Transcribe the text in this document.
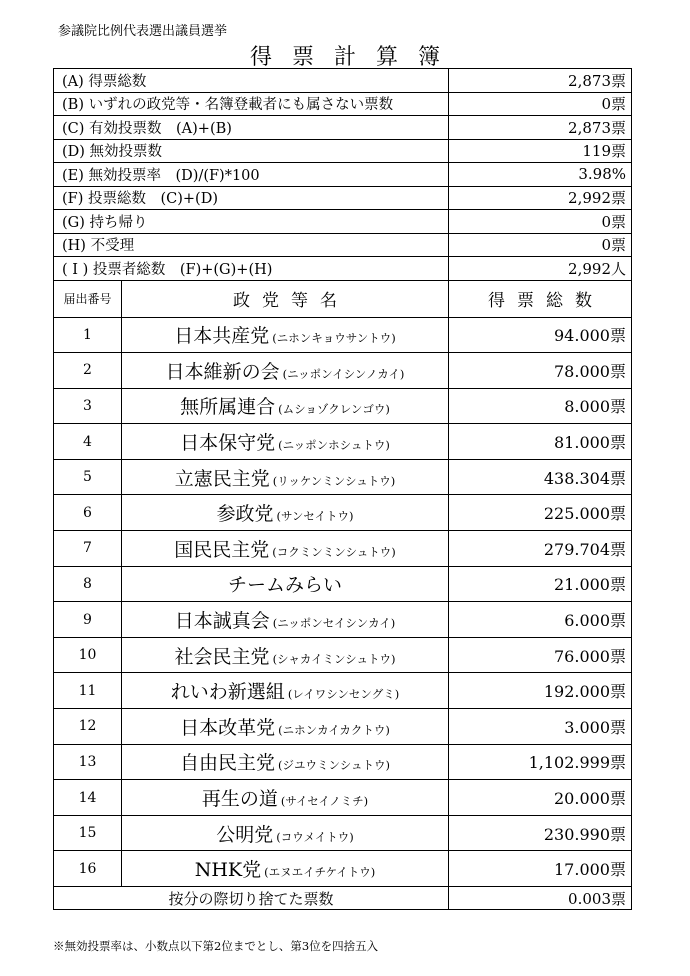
参議院比例代表選出議員選挙
得票計算簿
(A) 得票総数		2,873票
(B) いずれの政党等・名簿登載者にも属さない票数		0票
(C) 有効投票数　(A)+(B)		2,873票
(D) 無効投票数		119票
(E) 無効投票率　(D)/(F)*100		3.98%
(F) 投票総数　(C)+(D)		2,992票
(G) 持ち帰り		0票
(H) 不受理		0票
( I ) 投票者総数　(F)+(G)+(H)		2,992人
届出番号	政党等名	得票総数
1	日本共産党 (ニホンキョウサントウ)	94.000票
2	日本維新の会 (ニッポンイシンノカイ)	78.000票
3	無所属連合 (ムショゾクレンゴウ)	8.000票
4	日本保守党 (ニッポンホシュトウ)	81.000票
5	立憲民主党 (リッケンミンシュトウ)	438.304票
6	参政党 (サンセイトウ)	225.000票
7	国民民主党 (コクミンミンシュトウ)	279.704票
8	チームみらい	21.000票
9	日本誠真会 (ニッポンセイシンカイ)	6.000票
10	社会民主党 (シャカイミンシュトウ)	76.000票
11	れいわ新選組 (レイワシンセングミ)	192.000票
12	日本改革党 (ニホンカイカクトウ)	3.000票
13	自由民主党 (ジユウミンシュトウ)	1,102.999票
14	再生の道 (サイセイノミチ)	20.000票
15	公明党 (コウメイトウ)	230.990票
16	NHK党 (エヌエイチケイトウ)	17.000票
按分の際切り捨てた票数		0.003票
※無効投票率は、小数点以下第2位までとし、第3位を四捨五入
